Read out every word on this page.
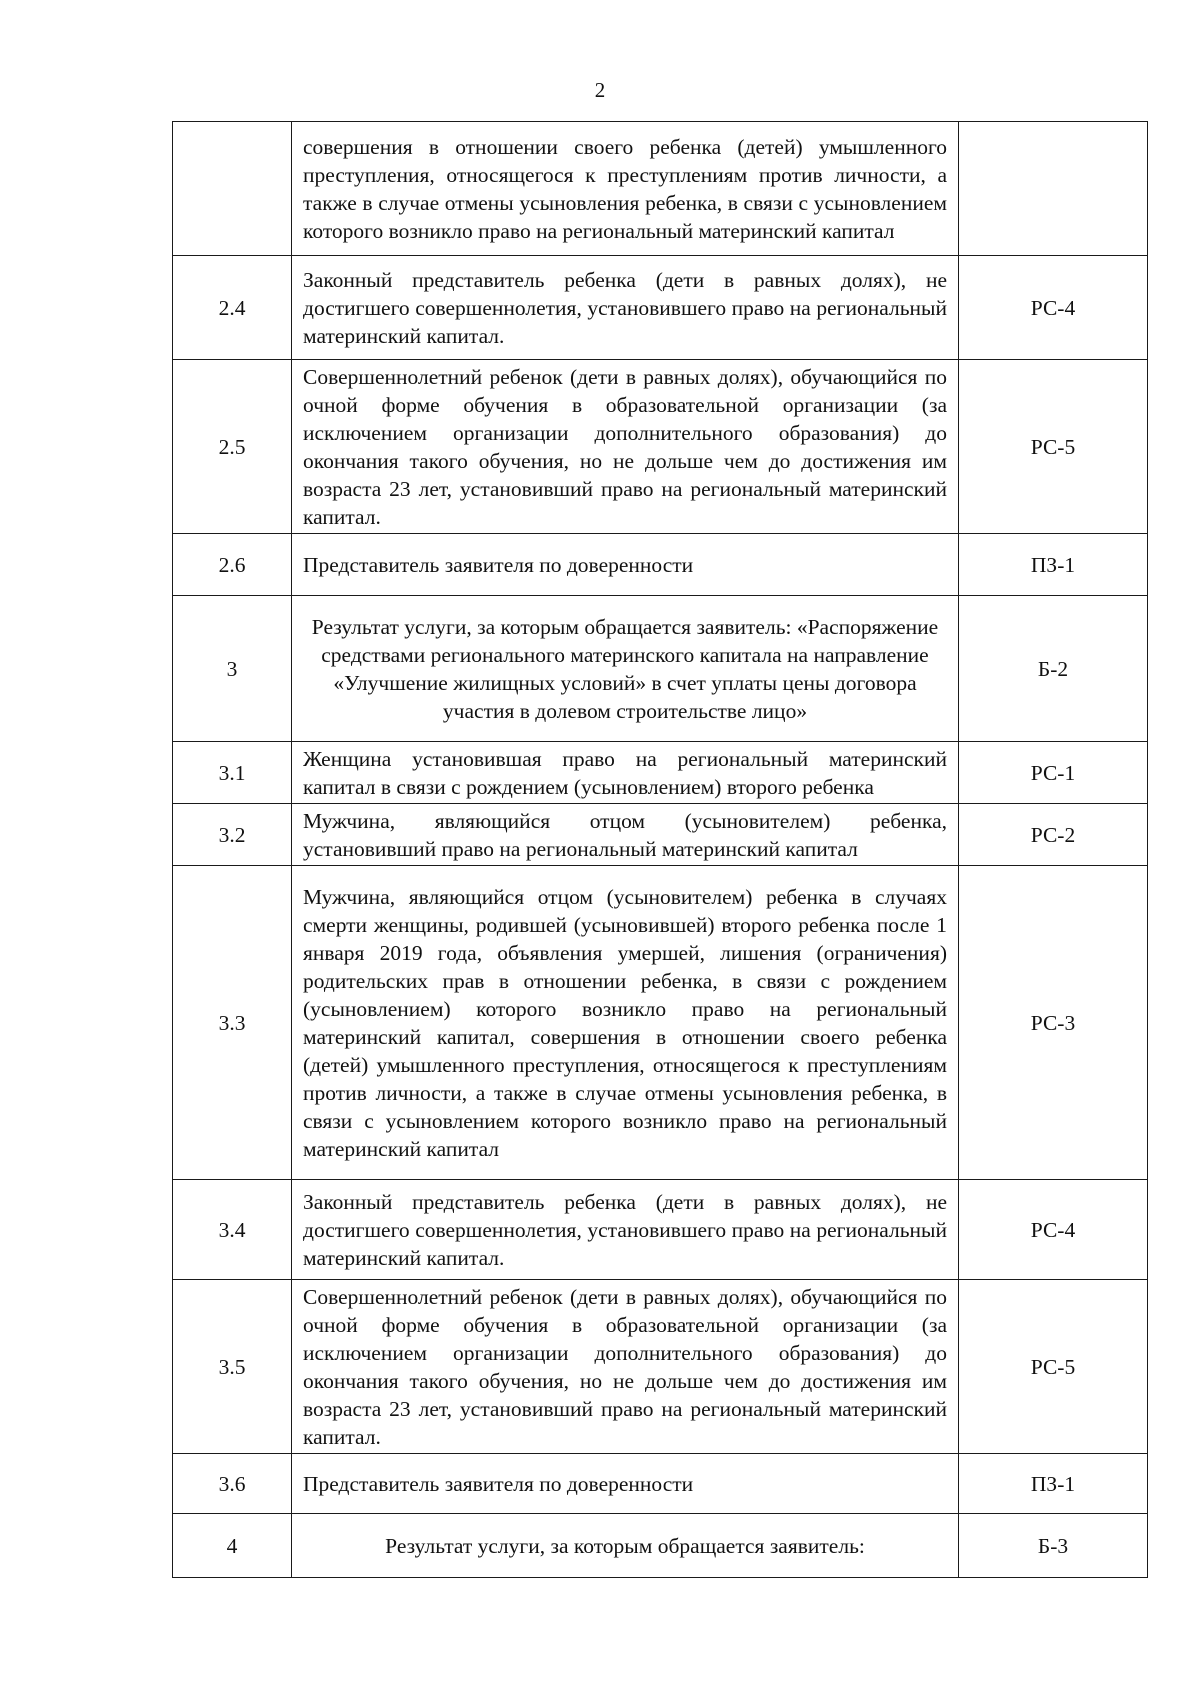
2
	совершения в отношении своего ребенка (детей) умышленного преступления, относящегося к преступлениям против личности, а также в случае отмены усыновления ребенка, в связи с усыновлением которого возникло право на региональный материнский капитал	
2.4	Законный представитель ребенка (дети в равных долях), не достигшего совершеннолетия, установившего право на региональный материнский капитал.	РС-4
2.5	Совершеннолетний ребенок (дети в равных долях), обучающийся по очной форме обучения в образовательной организации (за исключением организации дополнительного образования) до окончания такого обучения, но не дольше чем до достижения им возраста 23 лет, установивший право на региональный материнский капитал.	РС-5
2.6	Представитель заявителя по доверенности	ПЗ-1
3	Результат услуги, за которым обращается заявитель: «Распоряжение средствами регионального материнского капитала на направление «Улучшение жилищных условий» в счет уплаты цены договора участия в долевом строительстве лицо»	Б-2
3.1	Женщина установившая право на региональный материнский капитал в связи с рождением (усыновлением) второго ребенка	РС-1
3.2	Мужчина, являющийся отцом (усыновителем) ребенка, установивший право на региональный материнский капитал	РС-2
3.3	Мужчина, являющийся отцом (усыновителем) ребенка в случаях смерти женщины, родившей (усыновившей) второго ребенка после 1 января 2019 года, объявления умершей, лишения (ограничения) родительских прав в отношении ребенка, в связи с рождением (усыновлением) которого возникло право на региональный материнский капитал, совершения в отношении своего ребенка (детей) умышленного преступления, относящегося к преступлениям против личности, а также в случае отмены усыновления ребенка, в связи с усыновлением которого возникло право на региональный материнский капитал	РС-3
3.4	Законный представитель ребенка (дети в равных долях), не достигшего совершеннолетия, установившего право на региональный материнский капитал.	РС-4
3.5	Совершеннолетний ребенок (дети в равных долях), обучающийся по очной форме обучения в образовательной организации (за исключением организации дополнительного образования) до окончания такого обучения, но не дольше чем до достижения им возраста 23 лет, установивший право на региональный материнский капитал.	РС-5
3.6	Представитель заявителя по доверенности	ПЗ-1
4	Результат услуги, за которым обращается заявитель:	Б-3
